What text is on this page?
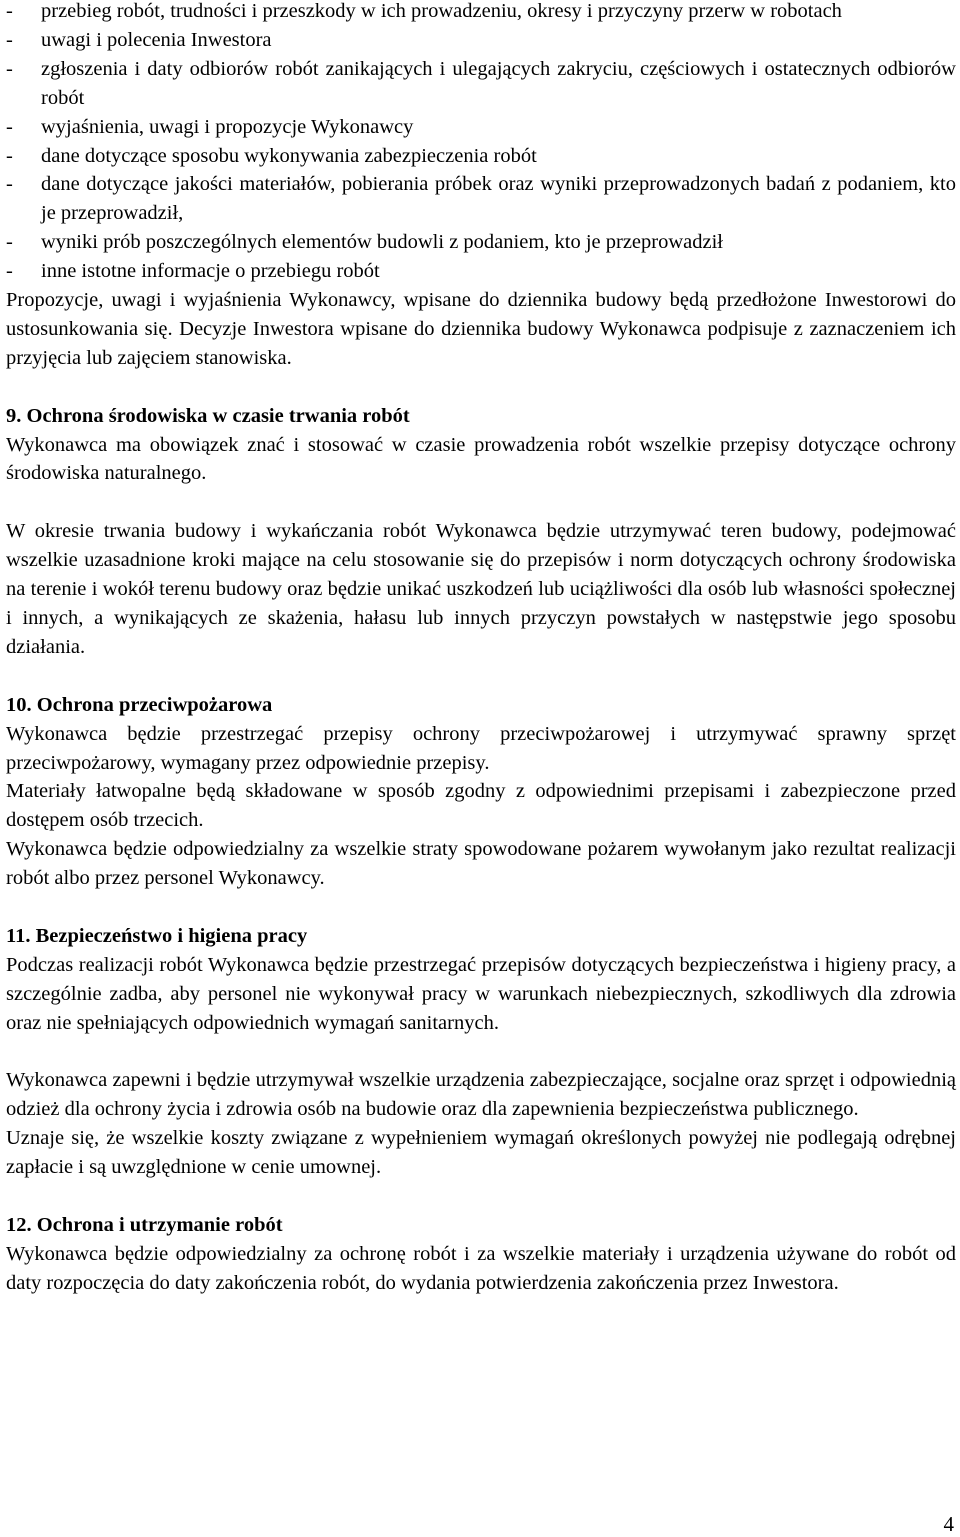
-	przebieg robót, trudności i przeszkody w ich prowadzeniu, okresy i przyczyny przerw w robotach
-	uwagi i polecenia Inwestora
-	zgłoszenia i daty odbiorów robót zanikających i ulegających zakryciu, częściowych i ostatecznych odbiorów robót
-	wyjaśnienia, uwagi i propozycje Wykonawcy
-	dane dotyczące sposobu wykonywania zabezpieczenia robót
-	dane dotyczące jakości materiałów, pobierania próbek oraz wyniki przeprowadzonych badań z podaniem, kto je przeprowadził,
-	wyniki prób poszczególnych elementów budowli z podaniem, kto je przeprowadził
-	inne istotne informacje o przebiegu robót

Propozycje, uwagi i wyjaśnienia Wykonawcy, wpisane do dziennika budowy będą przedłożone Inwestorowi do ustosunkowania się. Decyzje Inwestora wpisane do dziennika budowy Wykonawca podpisuje z zaznaczeniem ich przyjęcia lub zajęciem stanowiska.

9. Ochrona środowiska w czasie trwania robót

Wykonawca ma obowiązek znać i stosować w czasie prowadzenia robót wszelkie przepisy dotyczące ochrony środowiska naturalnego.

W okresie trwania budowy i wykańczania robót Wykonawca będzie utrzymywać teren budowy, podejmować wszelkie uzasadnione kroki mające na celu stosowanie się do przepisów i norm dotyczących ochrony środowiska na terenie i wokół terenu budowy oraz będzie unikać uszkodzeń lub uciążliwości dla osób lub własności społecznej i innych, a wynikających ze skażenia, hałasu lub innych przyczyn powstałych w następstwie jego sposobu działania.

10. Ochrona przeciwpożarowa

Wykonawca będzie przestrzegać przepisy ochrony przeciwpożarowej i utrzymywać sprawny sprzęt przeciwpożarowy, wymagany przez odpowiednie przepisy.

Materiały łatwopalne będą składowane w sposób zgodny z odpowiednimi przepisami i zabezpieczone przed dostępem osób trzecich.

Wykonawca będzie odpowiedzialny za wszelkie straty spowodowane pożarem wywołanym jako rezultat realizacji robót albo przez personel Wykonawcy.

11. Bezpieczeństwo i higiena pracy

Podczas realizacji robót Wykonawca będzie przestrzegać przepisów dotyczących bezpieczeństwa i higieny pracy, a szczególnie zadba, aby personel nie wykonywał pracy w warunkach niebezpiecznych, szkodliwych dla zdrowia oraz nie spełniających odpowiednich wymagań sanitarnych.

Wykonawca zapewni i będzie utrzymywał wszelkie urządzenia zabezpieczające, socjalne oraz sprzęt i odpowiednią odzież dla ochrony życia i zdrowia osób na budowie oraz dla zapewnienia bezpieczeństwa publicznego.

Uznaje się, że wszelkie koszty związane z wypełnieniem wymagań określonych powyżej nie podlegają odrębnej zapłacie i są uwzględnione w cenie umownej.

12. Ochrona i utrzymanie robót

Wykonawca będzie odpowiedzialny za ochronę robót i za wszelkie materiały i urządzenia używane do robót od daty rozpoczęcia do daty zakończenia robót, do wydania potwierdzenia zakończenia przez Inwestora.

4
